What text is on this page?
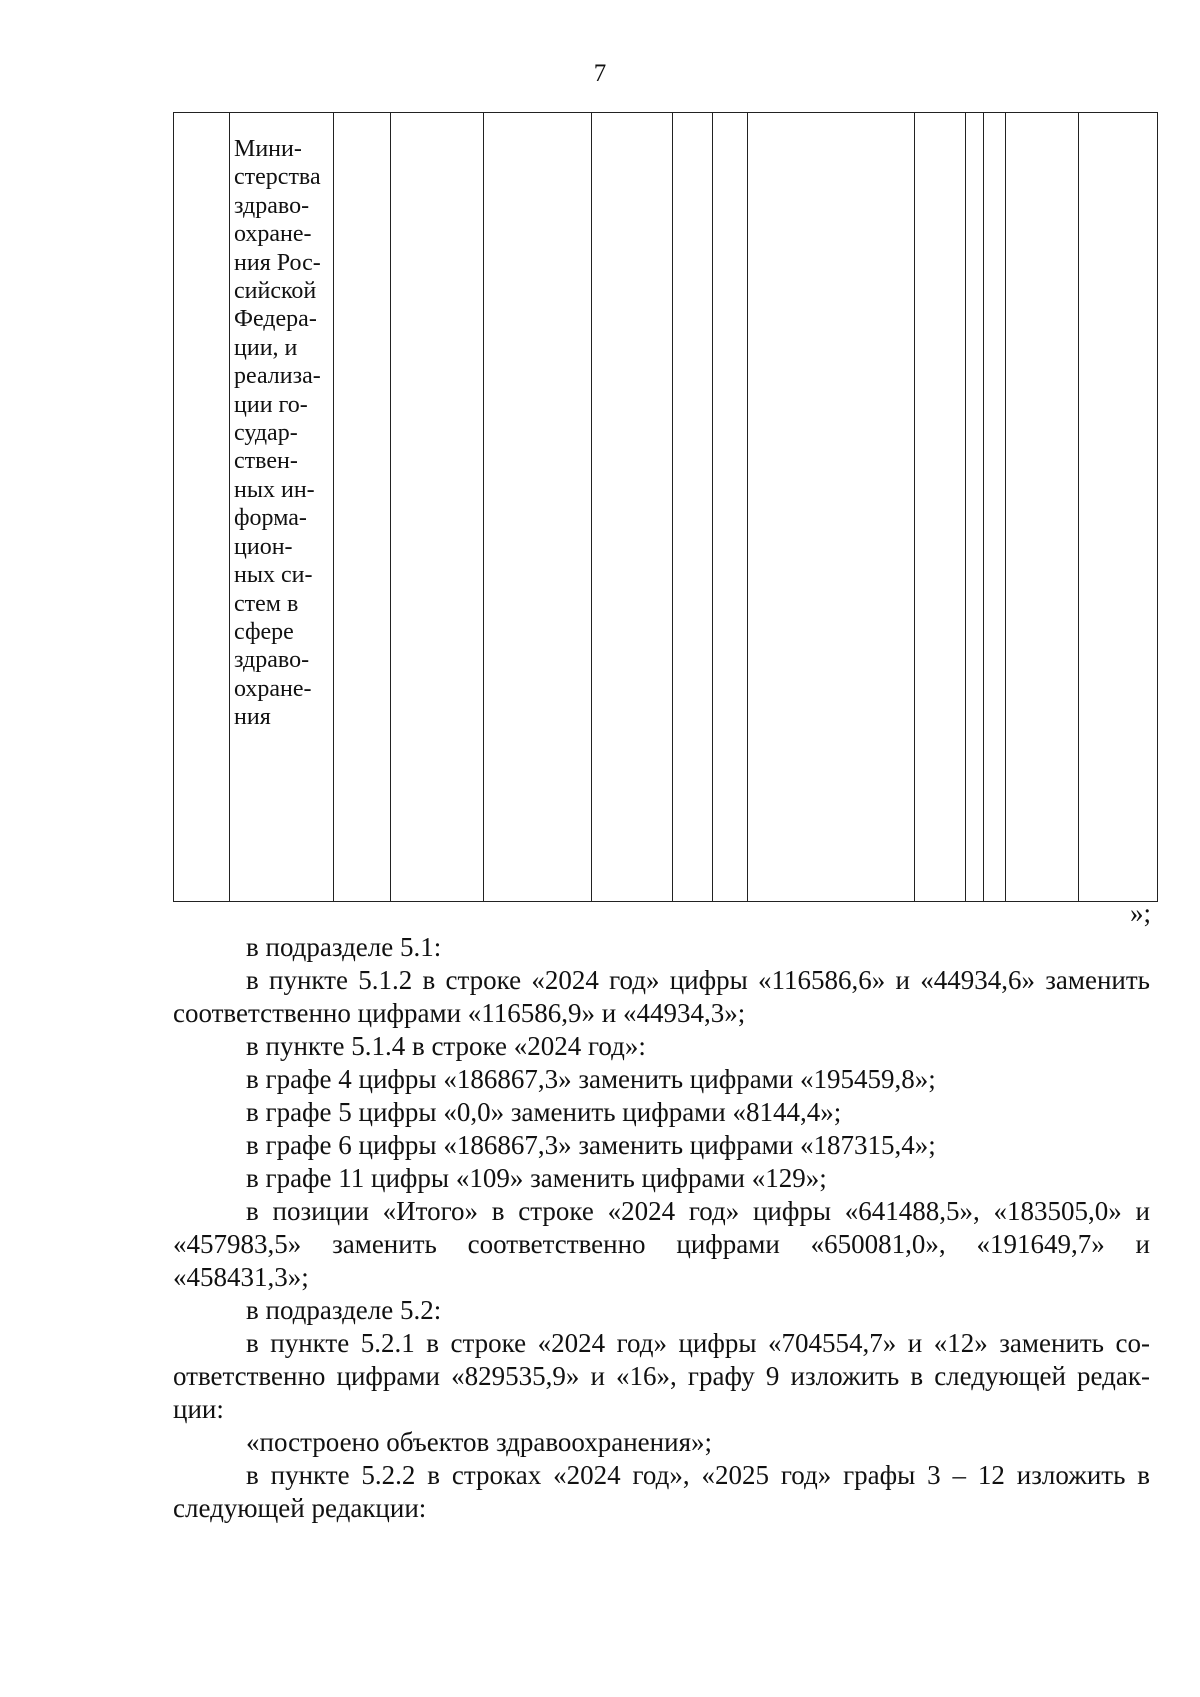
7

Мини-
стерства
здраво-
охране-
ния Рос-
сийской
Федера-
ции, и
реализа-
ции го-
судар-
ствен-
ных ин-
форма-
цион-
ных си-
стем в
сфере
здраво-
охране-
ния

»;
в подразделе 5.1:
в пункте 5.1.2 в строке «2024 год» цифры «116586,6» и «44934,6» заменить
соответственно цифрами «116586,9» и «44934,3»;
в пункте 5.1.4 в строке «2024 год»:
в графе 4 цифры «186867,3» заменить цифрами «195459,8»;
в графе 5 цифры «0,0» заменить цифрами «8144,4»;
в графе 6 цифры «186867,3» заменить цифрами «187315,4»;
в графе 11 цифры «109» заменить цифрами «129»;
в позиции «Итого» в строке «2024 год» цифры «641488,5», «183505,0» и
«457983,5» заменить соответственно цифрами «650081,0», «191649,7» и
«458431,3»;
в подразделе 5.2:
в пункте 5.2.1 в строке «2024 год» цифры «704554,7» и «12» заменить со-
ответственно цифрами «829535,9» и «16», графу 9 изложить в следующей редак-
ции:
«построено объектов здравоохранения»;
в пункте 5.2.2 в строках «2024 год», «2025 год» графы 3 – 12 изложить в
следующей редакции:
